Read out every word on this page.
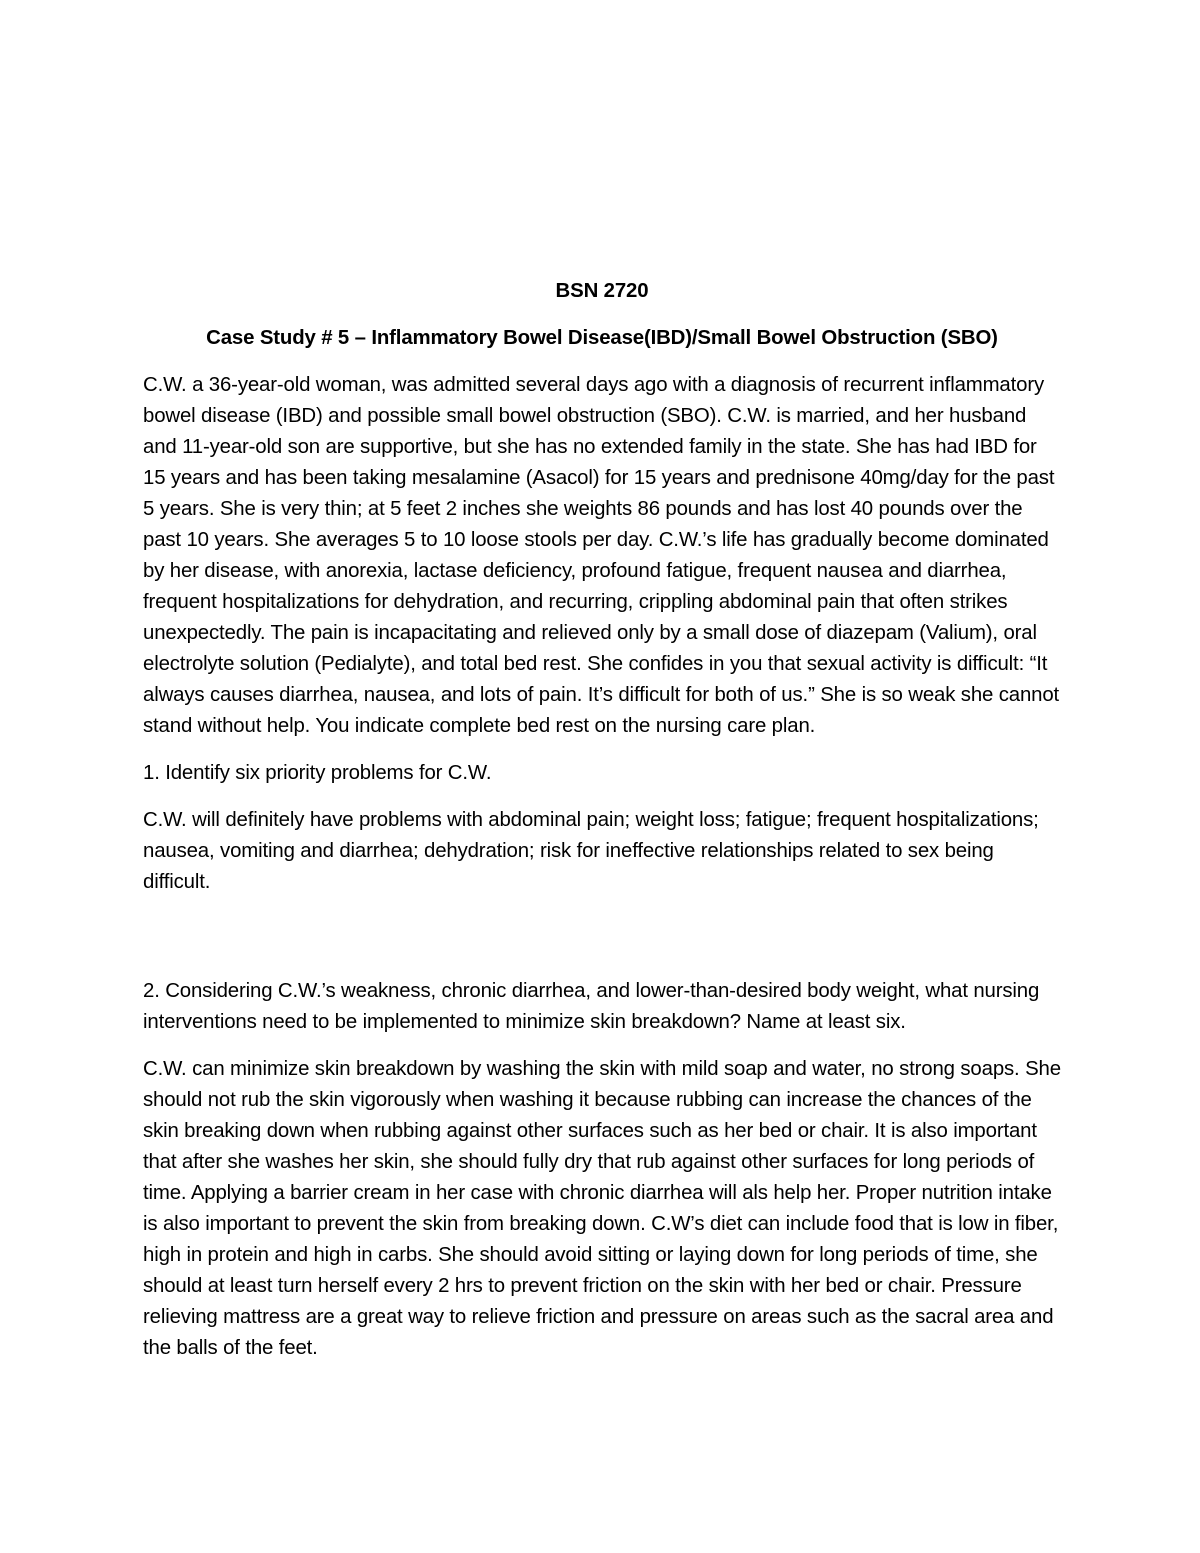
BSN 2720

Case Study # 5 – Inflammatory Bowel Disease(IBD)/Small Bowel Obstruction (SBO)

C.W. a 36-year-old woman, was admitted several days ago with a diagnosis of recurrent inflammatory bowel disease (IBD) and possible small bowel obstruction (SBO). C.W. is married, and her husband and 11-year-old son are supportive, but she has no extended family in the state. She has had IBD for 15 years and has been taking mesalamine (Asacol) for 15 years and prednisone 40mg/day for the past 5 years. She is very thin; at 5 feet 2 inches she weights 86 pounds and has lost 40 pounds over the past 10 years. She averages 5 to 10 loose stools per day. C.W.’s life has gradually become dominated by her disease, with anorexia, lactase deficiency, profound fatigue, frequent nausea and diarrhea, frequent hospitalizations for dehydration, and recurring, crippling abdominal pain that often strikes unexpectedly. The pain is incapacitating and relieved only by a small dose of diazepam (Valium), oral electrolyte solution (Pedialyte), and total bed rest. She confides in you that sexual activity is difficult: “It always causes diarrhea, nausea, and lots of pain. It’s difficult for both of us.” She is so weak she cannot stand without help. You indicate complete bed rest on the nursing care plan.

1. Identify six priority problems for C.W.

C.W. will definitely have problems with abdominal pain; weight loss; fatigue; frequent hospitalizations; nausea, vomiting and diarrhea; dehydration; risk for ineffective relationships related to sex being difficult.

2. Considering C.W.’s weakness, chronic diarrhea, and lower-than-desired body weight, what nursing interventions need to be implemented to minimize skin breakdown? Name at least six.

C.W. can minimize skin breakdown by washing the skin with mild soap and water, no strong soaps. She should not rub the skin vigorously when washing it because rubbing can increase the chances of the skin breaking down when rubbing against other surfaces such as her bed or chair. It is also important that after she washes her skin, she should fully dry that rub against other surfaces for long periods of time. Applying a barrier cream in her case with chronic diarrhea will als help her. Proper nutrition intake is also important to prevent the skin from breaking down. C.W’s diet can include food that is low in fiber, high in protein and high in carbs. She should avoid sitting or laying down for long periods of time, she should at least turn herself every 2 hrs to prevent friction on the skin with her bed or chair. Pressure relieving mattress are a great way to relieve friction and pressure on areas such as the sacral area and the balls of the feet.
